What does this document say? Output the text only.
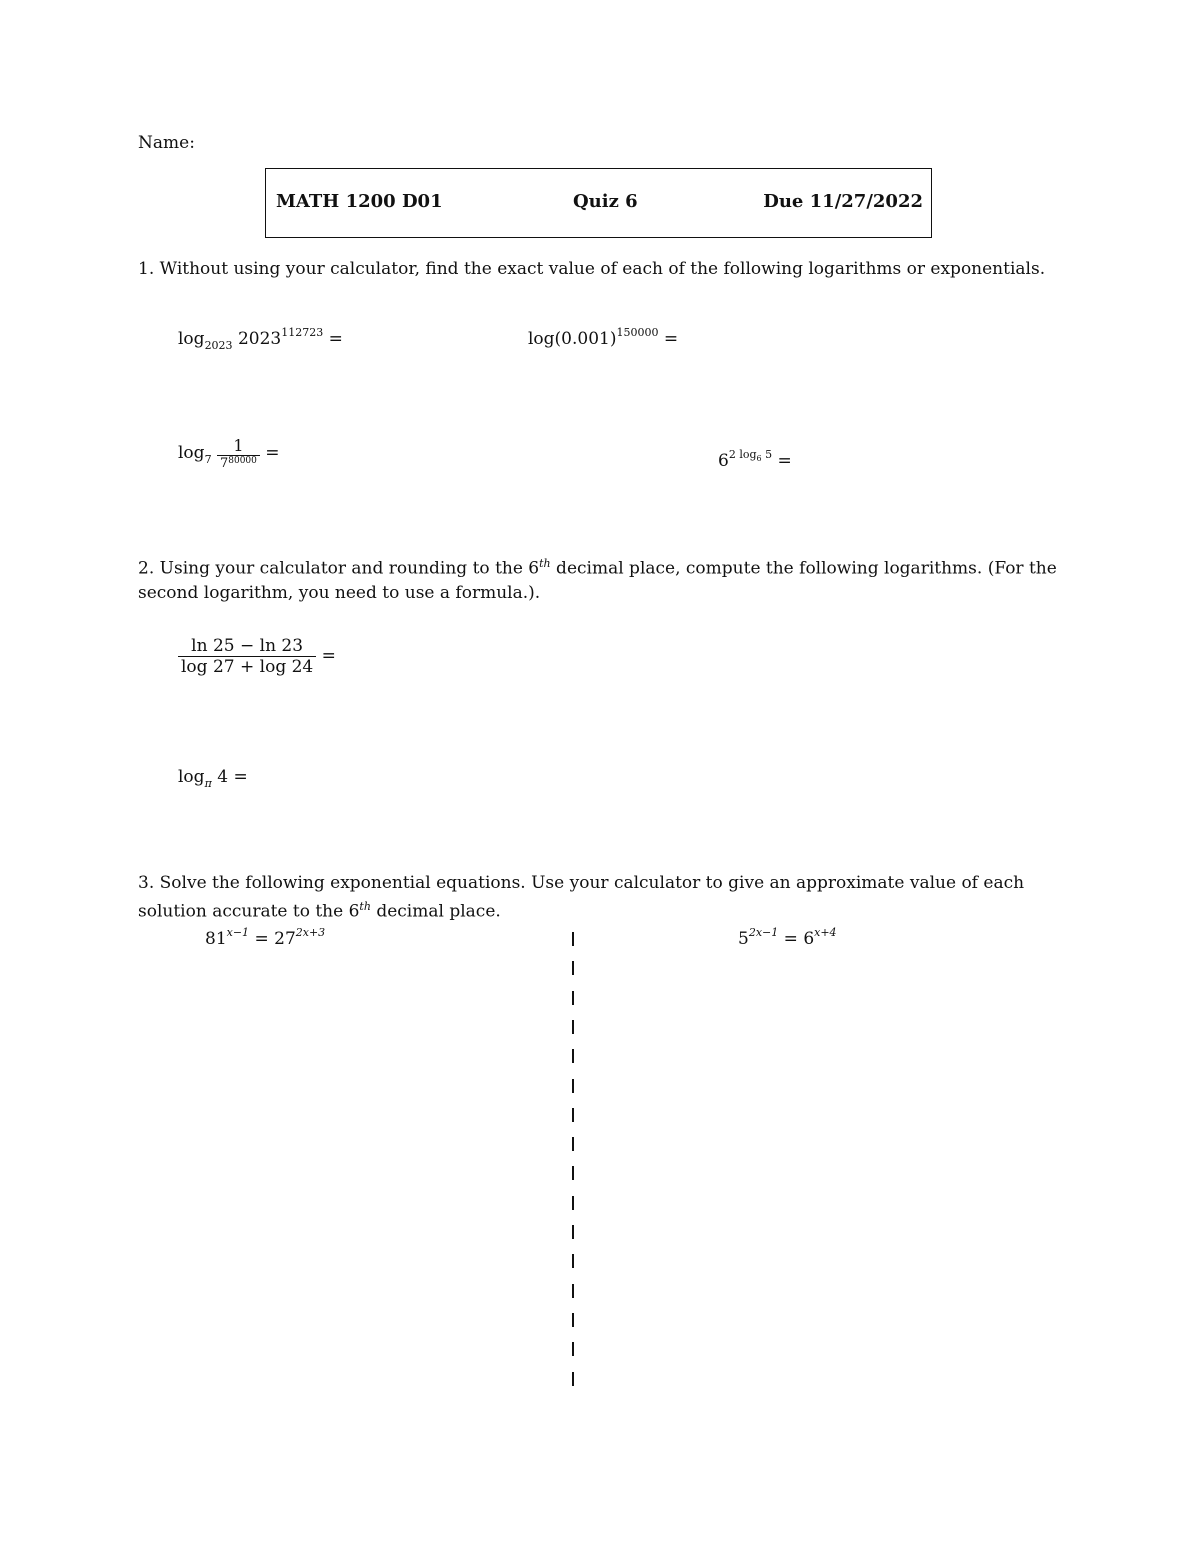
Name:
MATH 1200 D01	Quiz 6	Due 11/27/2022
1. Without using your calculator, find the exact value of each of the following logarithms or exponentials.
$\log_{2023} 2023^{112723}$ =	$\log(0.001)^{150000}$ =
$\log_7 \frac{1}{7^{80000}}$ =	$6^{2 log_6 5}$ =
2. Using your calculator and rounding to the 6th decimal place, compute the following logarithms. (For the second logarithm, you need to use a formula.).
$\frac{\ln 25 - \ln 23}{\log 27 + \log 24}$ =
$\log_\pi 4$ =
3. Solve the following exponential equations. Use your calculator to give an approximate value of each solution accurate to the 6th decimal place.
$81^{x-1} = 27^{2x+3}$	$5^{2x-1} = 6^{x+4}$
